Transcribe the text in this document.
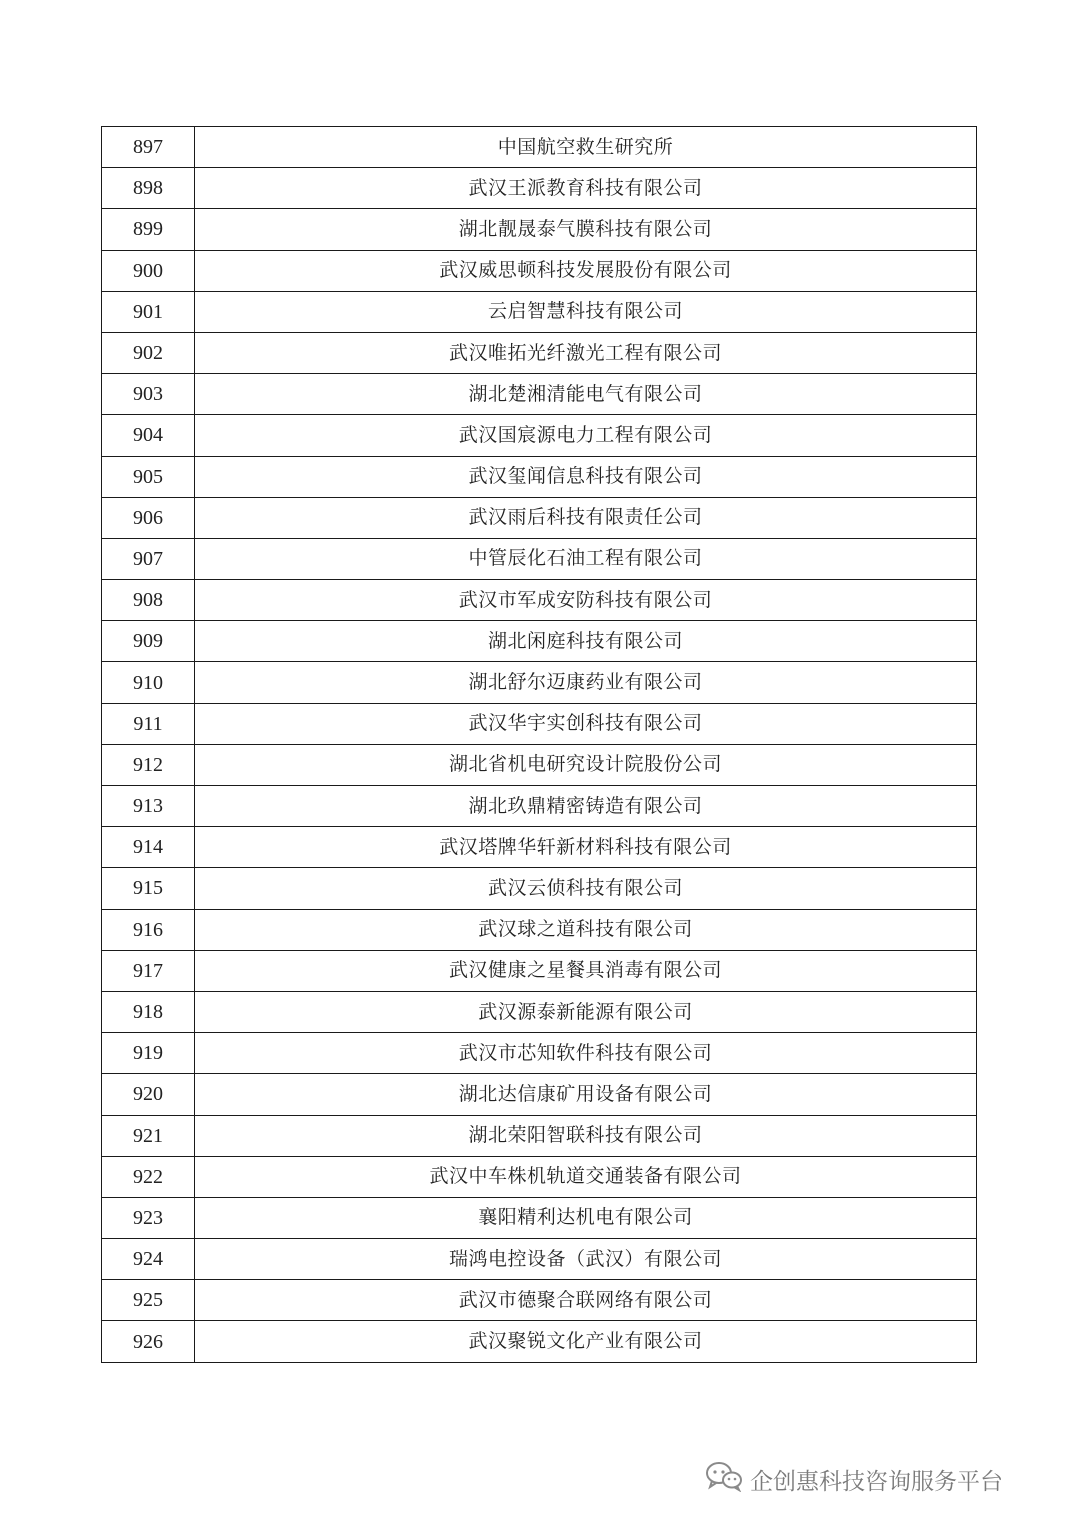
897	中国航空救生研究所
898	武汉王派教育科技有限公司
899	湖北靓晟泰气膜科技有限公司
900	武汉威思顿科技发展股份有限公司
901	云启智慧科技有限公司
902	武汉唯拓光纤激光工程有限公司
903	湖北楚湘清能电气有限公司
904	武汉国宸源电力工程有限公司
905	武汉玺闻信息科技有限公司
906	武汉雨后科技有限责任公司
907	中管辰化石油工程有限公司
908	武汉市军成安防科技有限公司
909	湖北闲庭科技有限公司
910	湖北舒尔迈康药业有限公司
911	武汉华宇实创科技有限公司
912	湖北省机电研究设计院股份公司
913	湖北玖鼎精密铸造有限公司
914	武汉塔牌华轩新材料科技有限公司
915	武汉云侦科技有限公司
916	武汉球之道科技有限公司
917	武汉健康之星餐具消毒有限公司
918	武汉源泰新能源有限公司
919	武汉市芯知软件科技有限公司
920	湖北达信康矿用设备有限公司
921	湖北荣阳智联科技有限公司
922	武汉中车株机轨道交通装备有限公司
923	襄阳精利达机电有限公司
924	瑞鸿电控设备（武汉）有限公司
925	武汉市德聚合联网络有限公司
926	武汉聚锐文化产业有限公司
企创惠科技咨询服务平台
